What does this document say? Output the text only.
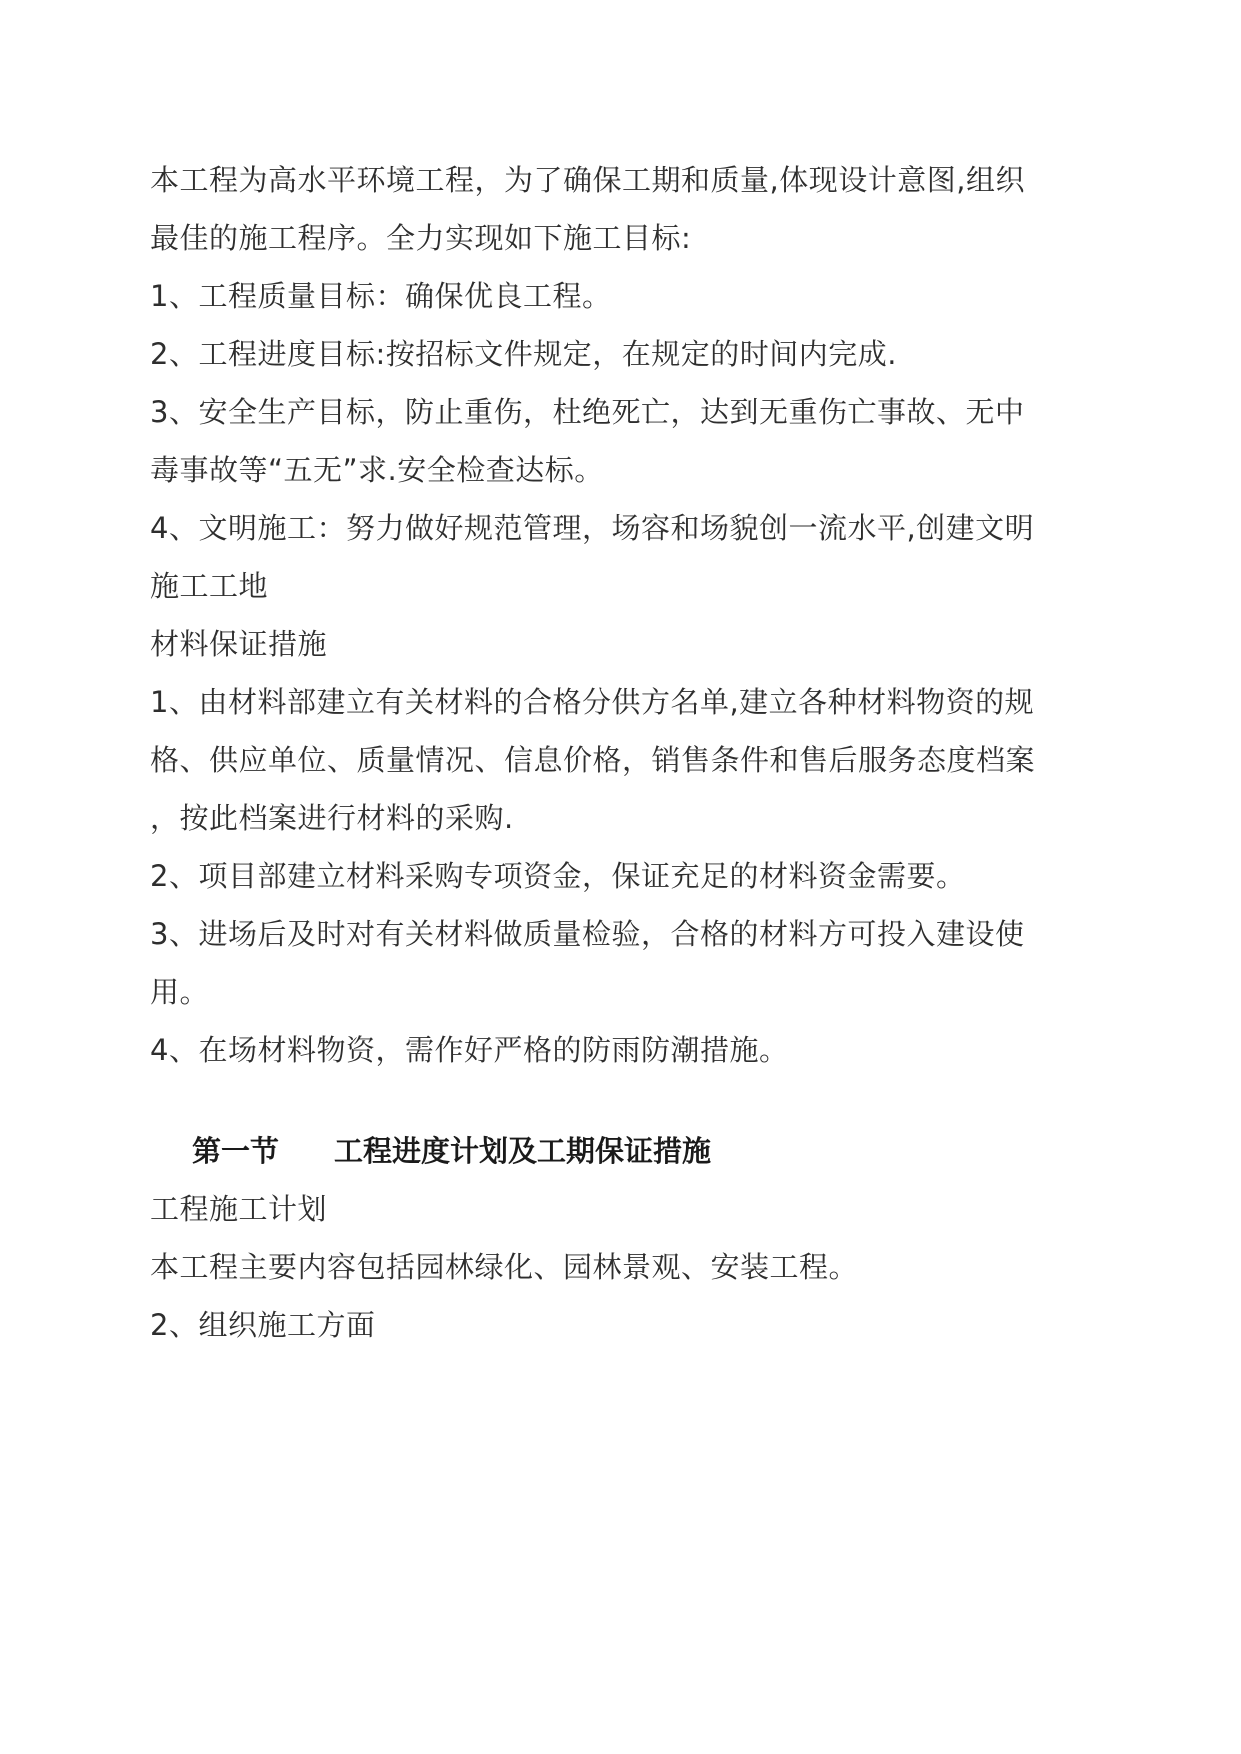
本工程为高水平环境工程，为了确保工期和质量,体现设计意图,组织
最佳的施工程序。全力实现如下施工目标:
1、工程质量目标：确保优良工程。
2、工程进度目标:按招标文件规定，在规定的时间内完成.
3、安全生产目标，防止重伤，杜绝死亡，达到无重伤亡事故、无中
毒事故等“五无”求.安全检查达标。
4、文明施工：努力做好规范管理，场容和场貌创一流水平,创建文明
施工工地
材料保证措施
1、由材料部建立有关材料的合格分供方名单,建立各种材料物资的规
格、供应单位、质量情况、信息价格，销售条件和售后服务态度档案
，按此档案进行材料的采购.
2、项目部建立材料采购专项资金，保证充足的材料资金需要。
3、进场后及时对有关材料做质量检验，合格的材料方可投入建设使
用。
4、在场材料物资，需作好严格的防雨防潮措施。
第一节 工程进度计划及工期保证措施
工程施工计划
本工程主要内容包括园林绿化、园林景观、安装工程。
2、组织施工方面
